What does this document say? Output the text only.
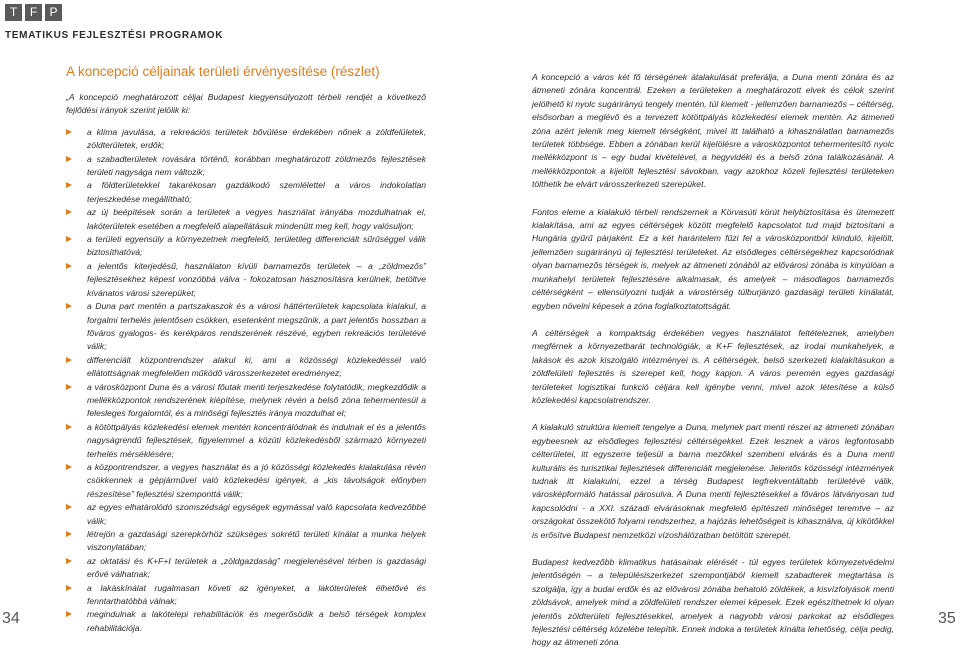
T	F	P
TEMATIKUS FEJLESZTÉSI PROGRAMOK
A koncepció céljainak területi érvényesítése (részlet)

„A koncepció meghatározott céljai Budapest kiegyensúlyozott térbeli rendjét a következő fejlődési irányok szerint jelölik ki:

a klíma javulása, a rekreációs területek bővülése érdekében nőnek a zöldfelületek, zöldterületek, erdők;
a szabadterületek rovására történő, korábban meghatározott zöldmezős fejlesztések területi nagysága nem változik;
a földterületekkel takarékosan gazdálkodó szemlélettel a város indokolatlan terjeszkedése megállítható;
az új beépítések során a területek a vegyes használat irányába mozdulhatnak el, lakóterületek esetében a megfelelő alapellátásuk mindenütt meg kell, hogy valósuljon;
a területi egyensúly a környezetnek megfelelő, területileg differenciált sűrűséggel válik biztosíthatóvá;
a jelentős kiterjedésű, használaton kívüli barnamezős területek – a „zöldmezős” fejlesztésekhez képest vonzóbbá válva - fokozatosan hasznosításra kerülnek, betöltve kívánatos városi szerepüket;
a Duna part mentén a partszakaszok és a városi háttérterületek kapcsolata kialakul, a forgalmi terhelés jelentősen csökken, esetenként megszűnik, a part jelentős hosszban a főváros gyalogos- és kerékpáros rendszerének részévé, egyben rekreációs területévé válik;
differenciált központrendszer alakul ki, ami a közösségi közlekedéssel való ellátottságnak megfelelően működő városszerkezetet eredményez;
a városközpont Duna és a városi főutak menti terjeszkedése folytatódik, megkezdődik a mellékközpontok rendszerének kiépítése, melynek révén a belső zóna tehermentesül a felesleges forgalomtól, és a minőségi fejlesztés iránya mozdulhat el;
a kötöttpályás közlekedési elemek mentén koncentrálódnak és indulnak el és a jelentős nagyságrendű fejlesztések, figyelemmel a közúti közlekedésből származó környezeti terhelés mérséklésére;
a központrendszer, a vegyes használat és a jó közösségi közlekedés kialakulása révén csökkennek a gépjárművel való közlekedési igények, a „kis távolságok előnyben részesítése” fejlesztési szemponttá válik;
az egyes elhatárolódó szomszédsági egységek egymással való kapcsolata kedvezőbbé válik;
létrejön a gazdasági szerepkörhöz szükséges sokrétű területi kínálat a munka helyek viszonylatában;
az oktatási és K+F+I területek a „zöldgazdaság” megjelenésével térben is gazdasági erővé válhatnak;
a lakáskínálat rugalmasan követi az igényeket, a lakóterületek élhetővé és fenntarthatóbbá válnak;
megindulnak a lakótelepi rehabilitációk és megerősödik a belső térségek komplex rehabilitációja.

A koncepció a város két fő térségének átalakulását preferálja, a Duna menti zónára és az átmeneti zónára koncentrál. Ezeken a területeken a meghatározott elvek és célok szerint jelölhető ki nyolc sugárirányú tengely mentén, túl kiemelt - jellemzően barnamezős – céltérség, elsősorban a meglévő és a tervezett kötöttpályás közlekedési elemek mentén. Az átmeneti zóna azért jelenik meg kiemelt térségként, mivel itt található a kihasználatlan barnamezős területek többsége. Ebben a zónában kerül kijelölésre a városközpontot tehermentesítő nyolc mellékközpont is – egy budai kivételével, a hegyvidéki és a belső zóna találkozásánál. A mellékközpontok a kijelölt fejlesztési sávokban, vagy azokhoz közeli fejlesztési területeken tölthetik be elvárt városszerkezeti szerepüket.

Fontos eleme a kialakuló térbeli rendszernek a Körvasúti körút helybiztosítása és ütemezett kialakítása, ami az egyes céltérségek között megfelelő kapcsolatot tud majd biztosítani a Hungária gyűrű párjaként. Ez a két harántelem fűzi fel a városközpontból kiinduló, kijelölt, jellemzően sugárirányú új fejlesztési területeket. Az elsődleges céltérségekhez kapcsolódnak olyan barnamezős térségek is, melyek az átmeneti zónából az elővárosi zónába is kinyúlóan a munkahelyi területek fejlesztésére alkalmasak, és amelyek – másodlagos barnamezős céltérségként – ellensúlyozni tudják a várostérség túlburjánzó gazdasági területi kínálatát, egyben növelni képesek a zóna foglalkoztatottságát.

A céltérségek a kompaktság érdekében vegyes használatot feltételeznek, amelyben megférnek a környezetbarát technológiák, a K+F fejlesztések, az irodai munkahelyek, a lakások és azok kiszolgáló intézményei is. A céltérségek, belső szerkezeti kialakításukon a zöldfelületi fejlesztés is szerepet kell, hogy kapjon. A város peremén egyes gazdasági területeket logisztikai funkció céljára kell igénybe venni, mivel azok létesítése a külső közlekedési kapcsolatrendszer.

A kialakuló struktúra kiemelt tengelye a Duna, melynek part menti részei az átmeneti zónában egybeesnek az elsődleges fejlesztési céltérségekkel. Ezek lesznek a város legfontosabb célterületei, itt egyszerre teljesül a barna mezőkkel szembeni elvárás és a Duna menti kulturális és turisztikai fejlesztések differenciált megjelenése. Jelentős közösségi intézmények tudnak itt kialakulni, ezzel a térség Budapest legfrekventáltabb területévé válik, városképformáló hatással párosulva. A Duna menti fejlesztésekkel a főváros látványosan tud kapcsolódni - a XXI. századi elvárásoknak megfelelő építészeti minőséget teremtve – az országokat összekötő folyami rendszerhez, a hajózás lehetőségeit is kihasználva, új kikötőkkel is erősítve Budapest nemzetközi vízoshálózatban betöltött szerepét.

Budapest kedvezőbb klimatikus hatásainak elérését - túl egyes területek környezetvédelmi jelentőségén – a településiszerkezet szempontjából kiemelt szabadterek megtartása is szolgálja, így a budai erdők és az elővárosi zónába behatoló zöldékek, a kisvízfolyások menti zöldsávok, amelyek mind a zöldfelületi rendszer elemei képesek. Ezek egészíthetnek ki olyan jelentős zöldterületi fejlesztésekkel, amelyek a nagyobb városi parkokat az elsődleges fejlesztési céltérség közelébe telepítik. Ennek indoka a területek kínálta lehetőség, célja pedig, hogy az átmeneti zóna

34	35
